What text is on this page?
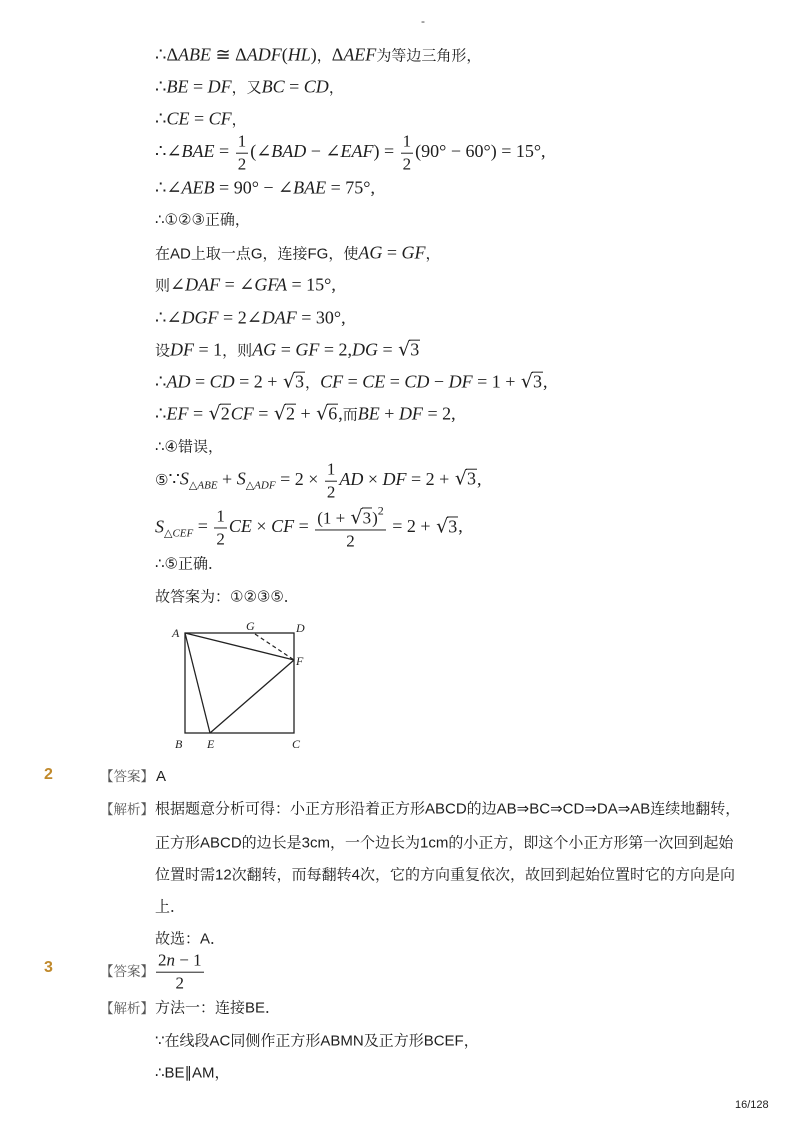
-
∴ΔABE ≅ ΔADF(HL)，ΔAEF为等边三角形，
∴BE = DF，又BC = CD，
∴CE = CF，
∴∠BAE = $\frac{1}{2}$ (∠BAD − ∠EAF) = $\frac{1}{2} (90^\circ - 60^\circ) = 15^\circ$,
∴∠AEB = 90° − ∠BAE = 75°,
∴①②③正确，
在AD上取一点G，连接FG，使AG = GF，
则∠DAF = ∠GFA = 15°,
∴∠DGF = 2∠DAF = 30°,
设DF = 1，则AG = GF = 2,DG = √ 3
∴AD = CD = 2 + √ 3，CF = CE = CD − DF = 1 + √ 3,
∴EF = √ 2CF = √ 2 + √ 6,而BE + DF = 2,
∴④错误，
$⑤\because S_{\triangle ABE} + S_{\triangle ADF} = 2 \times \frac{1}{2}$ AD × DF = 2 + √ 3,
$S_{\triangle CEF} = \frac{1}{2}$ CE × CF = $\frac{(1 + √ 3)^2}{2} = 2$ + √ 3,
∴⑤正确．
故答案为：①②③⑤．
A	G	D
F
B E	C
2	【答案】 A
【解析】 根据题意分析可得：小正方形沿着正方形ABCD的边AB⇒BC⇒CD⇒DA⇒AB连续地翻转，
正方形ABCD的边长是3cm，一个边长为1cm的小正方，即这个小正方形第一次回到起始
位置时需12次翻转，而每翻转4次，它的方向重复依次，故回到起始位置时它的方向是向
上．
故选：A．
3	【答案】 $\frac{2n - 1}{2}$
【解析】 方法一：连接BE．
∵在线段AC同侧作正方形ABMN及正方形BCEF，
∴BE∥AM，
16/128
